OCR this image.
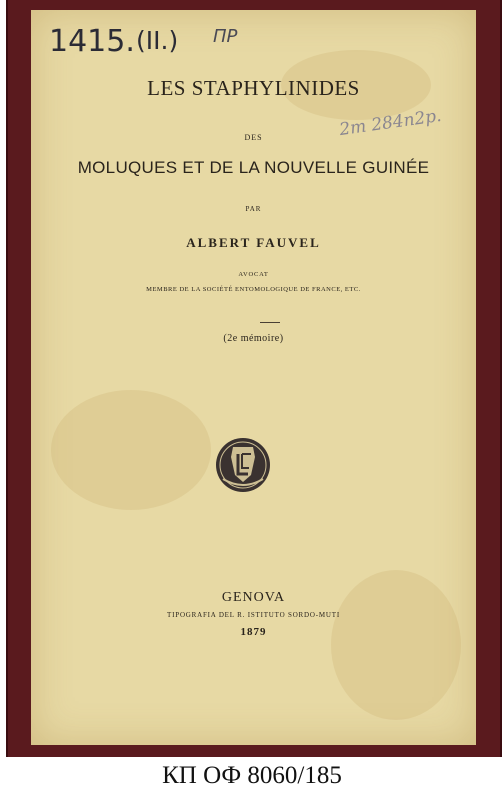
1415. (II.) ПР
2m 284n2p.
LES STAPHYLINIDES
DES
MOLUQUES ET DE LA NOUVELLE GUINÉE
PAR
ALBERT FAUVEL
AVOCAT
MEMBRE DE LA SOCIÉTÉ ENTOMOLOGIQUE DE FRANCE, ETC.
(2e mémoire)
GENOVA
TIPOGRAFIA DEL R. ISTITUTO SORDO-MUTI
1879
КП ОФ 8060/185
